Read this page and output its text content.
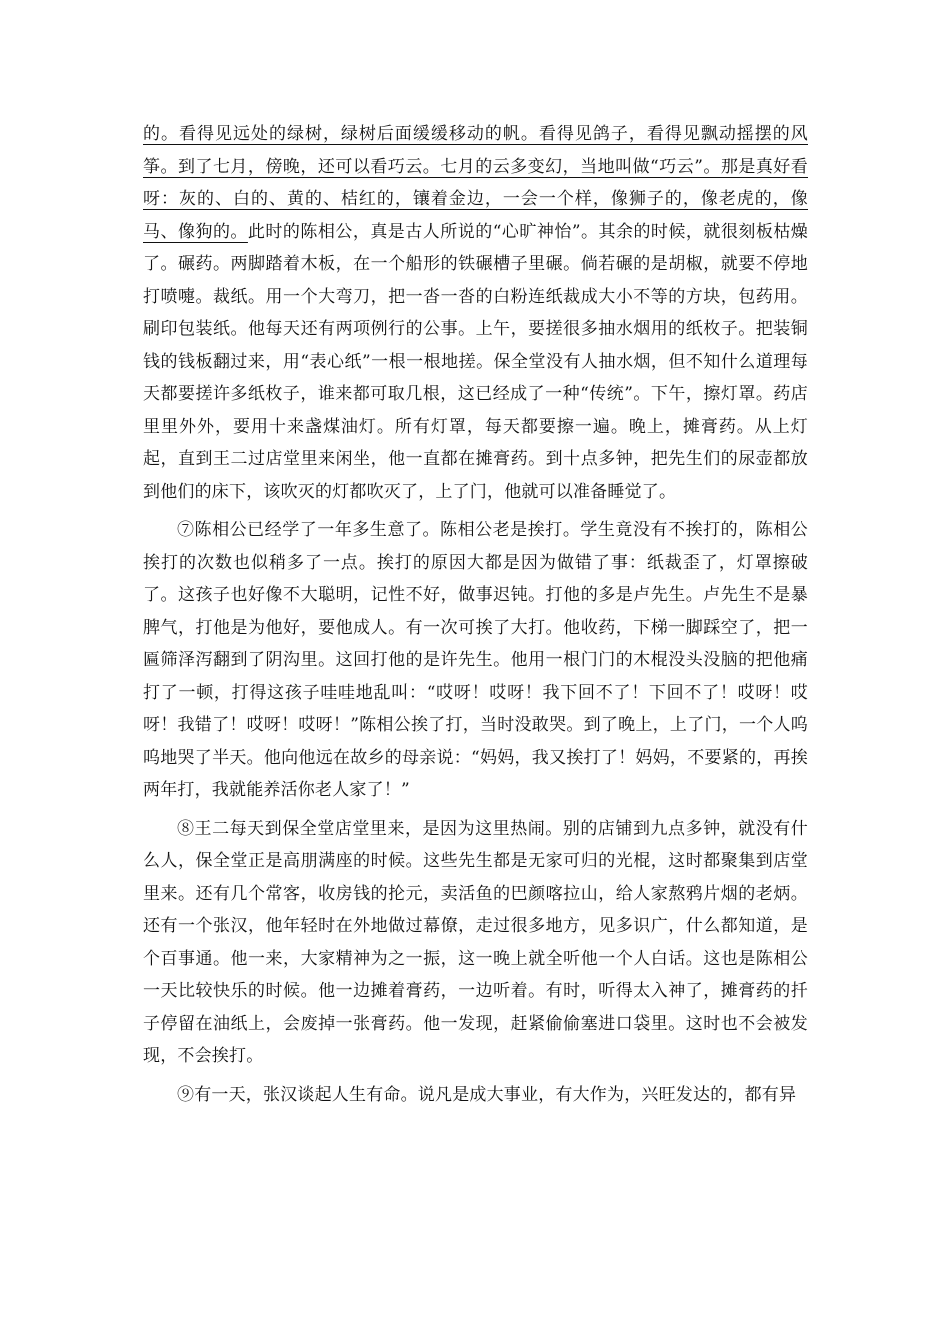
的。看得见远处的绿树，绿树后面缓缓移动的帆。看得见鸽子，看得见飘动摇摆的风筝。到了七月，傍晚，还可以看巧云。七月的云多变幻，当地叫做“巧云”。那是真好看呀：灰的、白的、黄的、桔红的，镶着金边，一会一个样，像狮子的，像老虎的，像马、像狗的。此时的陈相公，真是古人所说的“心旷神怡”。其余的时候，就很刻板枯燥了。碾药。两脚踏着木板，在一个船形的铁碾槽子里碾。倘若碾的是胡椒，就要不停地打喷嚏。裁纸。用一个大弯刀，把一沓一沓的白粉连纸裁成大小不等的方块，包药用。刷印包装纸。他每天还有两项例行的公事。上午，要搓很多抽水烟用的纸枚子。把装铜钱的钱板翻过来，用“表心纸”一根一根地搓。保全堂没有人抽水烟，但不知什么道理每天都要搓许多纸枚子，谁来都可取几根，这已经成了一种“传统”。下午，擦灯罩。药店里里外外，要用十来盏煤油灯。所有灯罩，每天都要擦一遍。晚上，摊膏药。从上灯起，直到王二过店堂里来闲坐，他一直都在摊膏药。到十点多钟，把先生们的尿壶都放到他们的床下，该吹灭的灯都吹灭了，上了门，他就可以准备睡觉了。

⑦陈相公已经学了一年多生意了。陈相公老是挨打。学生竟没有不挨打的，陈相公挨打的次数也似稍多了一点。挨打的原因大都是因为做错了事：纸裁歪了，灯罩擦破了。这孩子也好像不大聪明，记性不好，做事迟钝。打他的多是卢先生。卢先生不是暴脾气，打他是为他好，要他成人。有一次可挨了大打。他收药，下梯一脚踩空了，把一匾筛泽泻翻到了阴沟里。这回打他的是许先生。他用一根门门的木棍没头没脑的把他痛打了一顿，打得这孩子哇哇地乱叫：“哎呀！哎呀！我下回不了！下回不了！哎呀！哎呀！我错了！哎呀！哎呀！”陈相公挨了打，当时没敢哭。到了晚上，上了门，一个人呜呜地哭了半天。他向他远在故乡的母亲说：“妈妈，我又挨打了！妈妈，不要紧的，再挨两年打，我就能养活你老人家了！”

⑧王二每天到保全堂店堂里来，是因为这里热闹。别的店铺到九点多钟，就没有什么人，保全堂正是高朋满座的时候。这些先生都是无家可归的光棍，这时都聚集到店堂里来。还有几个常客，收房钱的抡元，卖活鱼的巴颜喀拉山，给人家熬鸦片烟的老炳。还有一个张汉，他年轻时在外地做过幕僚，走过很多地方，见多识广，什么都知道，是个百事通。他一来，大家精神为之一振，这一晚上就全听他一个人白话。这也是陈相公一天比较快乐的时候。他一边摊着膏药，一边听着。有时，听得太入神了，摊膏药的扦子停留在油纸上，会废掉一张膏药。他一发现，赶紧偷偷塞进口袋里。这时也不会被发现，不会挨打。

⑨有一天，张汉谈起人生有命。说凡是成大事业，有大作为，兴旺发达的，都有异
